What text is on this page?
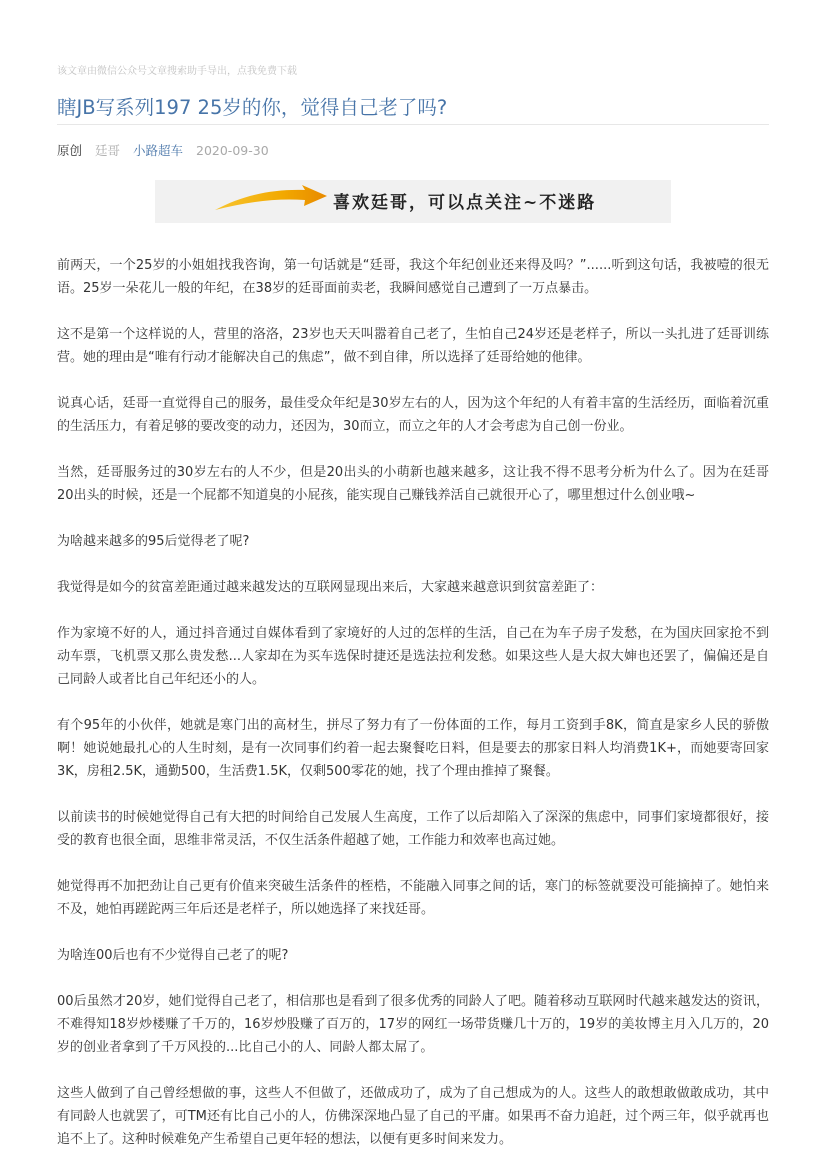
该文章由微信公众号文章搜索助手导出，点我免费下载
瞎JB写系列197 25岁的你，觉得自己老了吗?
原创 廷哥 小路超车 2020-09-30
喜欢廷哥，可以点关注~不迷路

前两天，一个25岁的小姐姐找我咨询，第一句话就是“廷哥，我这个年纪创业还来得及吗？”......听到这句话，我被噎的很无语。25岁一朵花儿一般的年纪，在38岁的廷哥面前卖老，我瞬间感觉自己遭到了一万点暴击。

这不是第一个这样说的人，营里的洛洛，23岁也天天叫嚣着自己老了，生怕自己24岁还是老样子，所以一头扎进了廷哥训练营。她的理由是“唯有行动才能解决自己的焦虑”，做不到自律，所以选择了廷哥给她的他律。

说真心话，廷哥一直觉得自己的服务，最佳受众年纪是30岁左右的人，因为这个年纪的人有着丰富的生活经历，面临着沉重的生活压力，有着足够的要改变的动力，还因为，30而立，而立之年的人才会考虑为自己创一份业。

当然，廷哥服务过的30岁左右的人不少，但是20出头的小萌新也越来越多，这让我不得不思考分析为什么了。因为在廷哥20出头的时候，还是一个屁都不知道臭的小屁孩，能实现自己赚钱养活自己就很开心了，哪里想过什么创业哦~

为啥越来越多的95后觉得老了呢?

我觉得是如今的贫富差距通过越来越发达的互联网显现出来后，大家越来越意识到贫富差距了：

作为家境不好的人，通过抖音通过自媒体看到了家境好的人过的怎样的生活，自己在为车子房子发愁，在为国庆回家抢不到动车票，飞机票又那么贵发愁...人家却在为买车选保时捷还是选法拉利发愁。如果这些人是大叔大婶也还罢了，偏偏还是自己同龄人或者比自己年纪还小的人。

有个95年的小伙伴，她就是寒门出的高材生，拼尽了努力有了一份体面的工作，每月工资到手8K，简直是家乡人民的骄傲啊！她说她最扎心的人生时刻，是有一次同事们约着一起去聚餐吃日料，但是要去的那家日料人均消费1K+，而她要寄回家3K，房租2.5K，通勤500，生活费1.5K，仅剩500零花的她，找了个理由推掉了聚餐。

以前读书的时候她觉得自己有大把的时间给自己发展人生高度，工作了以后却陷入了深深的焦虑中，同事们家境都很好，接受的教育也很全面，思维非常灵活，不仅生活条件超越了她，工作能力和效率也高过她。

她觉得再不加把劲让自己更有价值来突破生活条件的桎梏，不能融入同事之间的话，寒门的标签就要没可能摘掉了。她怕来不及，她怕再蹉跎两三年后还是老样子，所以她选择了来找廷哥。

为啥连00后也有不少觉得自己老了的呢?

00后虽然才20岁，她们觉得自己老了，相信那也是看到了很多优秀的同龄人了吧。随着移动互联网时代越来越发达的资讯，不难得知18岁炒楼赚了千万的，16岁炒股赚了百万的，17岁的网红一场带货赚几十万的，19岁的美妆博主月入几万的，20岁的创业者拿到了千万风投的...比自己小的人、同龄人都太屌了。

这些人做到了自己曾经想做的事，这些人不但做了，还做成功了，成为了自己想成为的人。这些人的敢想敢做敢成功，其中有同龄人也就罢了，可TM还有比自己小的人，仿佛深深地凸显了自己的平庸。如果再不奋力追赶，过个两三年，似乎就再也追不上了。这种时候难免产生希望自己更年轻的想法，以便有更多时间来发力。
